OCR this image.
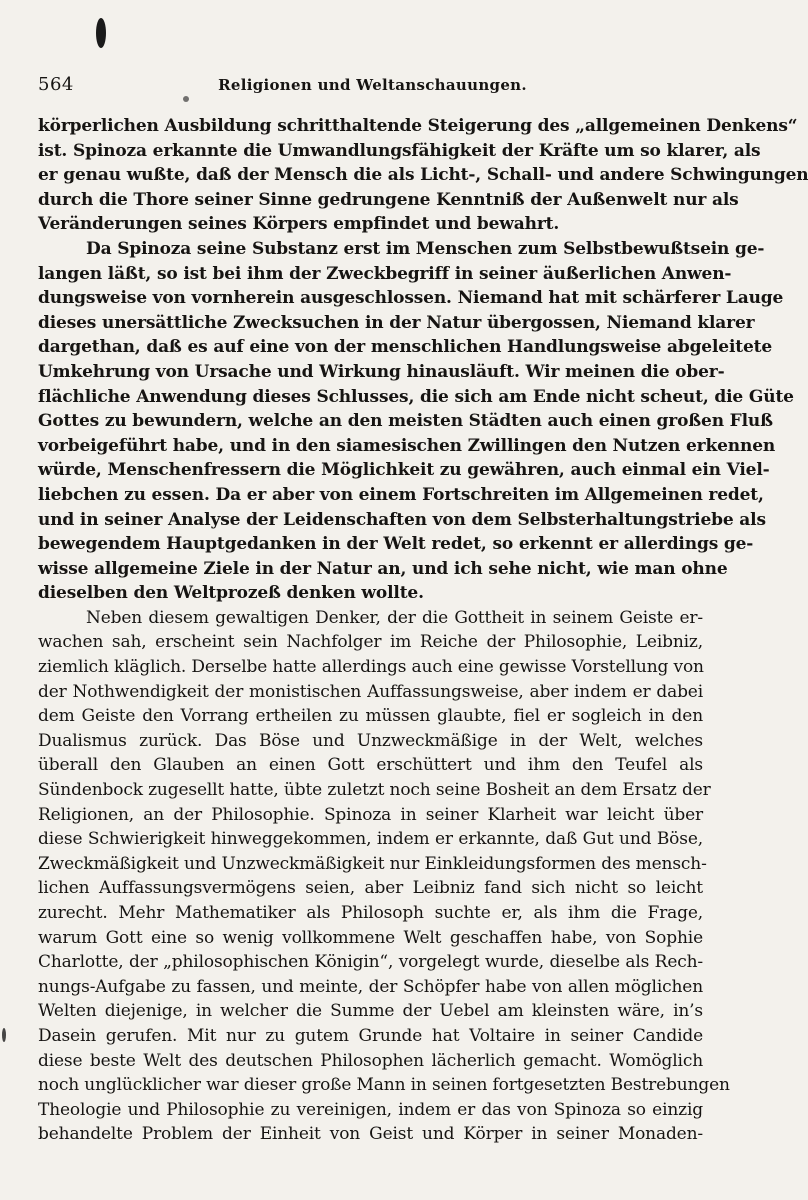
564	Religionen und Weltanschauungen.
körperlichen Ausbildung schritthaltende Steigerung des „allgemeinen Denkens“
ist. Spinoza erkannte die Umwandlungsfähigkeit der Kräfte um so klarer, als
er genau wußte, daß der Mensch die als Licht-, Schall- und andere Schwingungen
durch die Thore seiner Sinne gedrungene Kenntniß der Außenwelt nur als
Veränderungen seines Körpers empfindet und bewahrt.
Da Spinoza seine Substanz erst im Menschen zum Selbstbewußtsein ge-
langen läßt, so ist bei ihm der Zweckbegriff in seiner äußerlichen Anwen-
dungsweise von vornherein ausgeschlossen. Niemand hat mit schärferer Lauge
dieses unersättliche Zwecksuchen in der Natur übergossen, Niemand klarer
dargethan, daß es auf eine von der menschlichen Handlungsweise abgeleitete
Umkehrung von Ursache und Wirkung hinausläuft. Wir meinen die ober-
flächliche Anwendung dieses Schlusses, die sich am Ende nicht scheut, die Güte
Gottes zu bewundern, welche an den meisten Städten auch einen großen Fluß
vorbeigeführt habe, und in den siamesischen Zwillingen den Nutzen erkennen
würde, Menschenfressern die Möglichkeit zu gewähren, auch einmal ein Viel-
liebchen zu essen. Da er aber von einem Fortschreiten im Allgemeinen redet,
und in seiner Analyse der Leidenschaften von dem Selbsterhaltungstriebe als
bewegendem Hauptgedanken in der Welt redet, so erkennt er allerdings ge-
wisse allgemeine Ziele in der Natur an, und ich sehe nicht, wie man ohne
dieselben den Weltprozeß denken wollte.
Neben diesem gewaltigen Denker, der die Gottheit in seinem Geiste er-
wachen sah, erscheint sein Nachfolger im Reiche der Philosophie, Leibniz,
ziemlich kläglich. Derselbe hatte allerdings auch eine gewisse Vorstellung von
der Nothwendigkeit der monistischen Auffassungsweise, aber indem er dabei
dem Geiste den Vorrang ertheilen zu müssen glaubte, fiel er sogleich in den
Dualismus zurück. Das Böse und Unzweckmäßige in der Welt, welches
überall den Glauben an einen Gott erschüttert und ihm den Teufel als
Sündenbock zugesellt hatte, übte zuletzt noch seine Bosheit an dem Ersatz der
Religionen, an der Philosophie. Spinoza in seiner Klarheit war leicht über
diese Schwierigkeit hinweggekommen, indem er erkannte, daß Gut und Böse,
Zweckmäßigkeit und Unzweckmäßigkeit nur Einkleidungsformen des mensch-
lichen Auffassungsvermögens seien, aber Leibniz fand sich nicht so leicht
zurecht. Mehr Mathematiker als Philosoph suchte er, als ihm die Frage,
warum Gott eine so wenig vollkommene Welt geschaffen habe, von Sophie
Charlotte, der „philosophischen Königin“, vorgelegt wurde, dieselbe als Rech-
nungs-Aufgabe zu fassen, und meinte, der Schöpfer habe von allen möglichen
Welten diejenige, in welcher die Summe der Uebel am kleinsten wäre, in’s
Dasein gerufen. Mit nur zu gutem Grunde hat Voltaire in seiner Candide
diese beste Welt des deutschen Philosophen lächerlich gemacht. Womöglich
noch unglücklicher war dieser große Mann in seinen fortgesetzten Bestrebungen
Theologie und Philosophie zu vereinigen, indem er das von Spinoza so einzig
behandelte Problem der Einheit von Geist und Körper in seiner Monaden-
